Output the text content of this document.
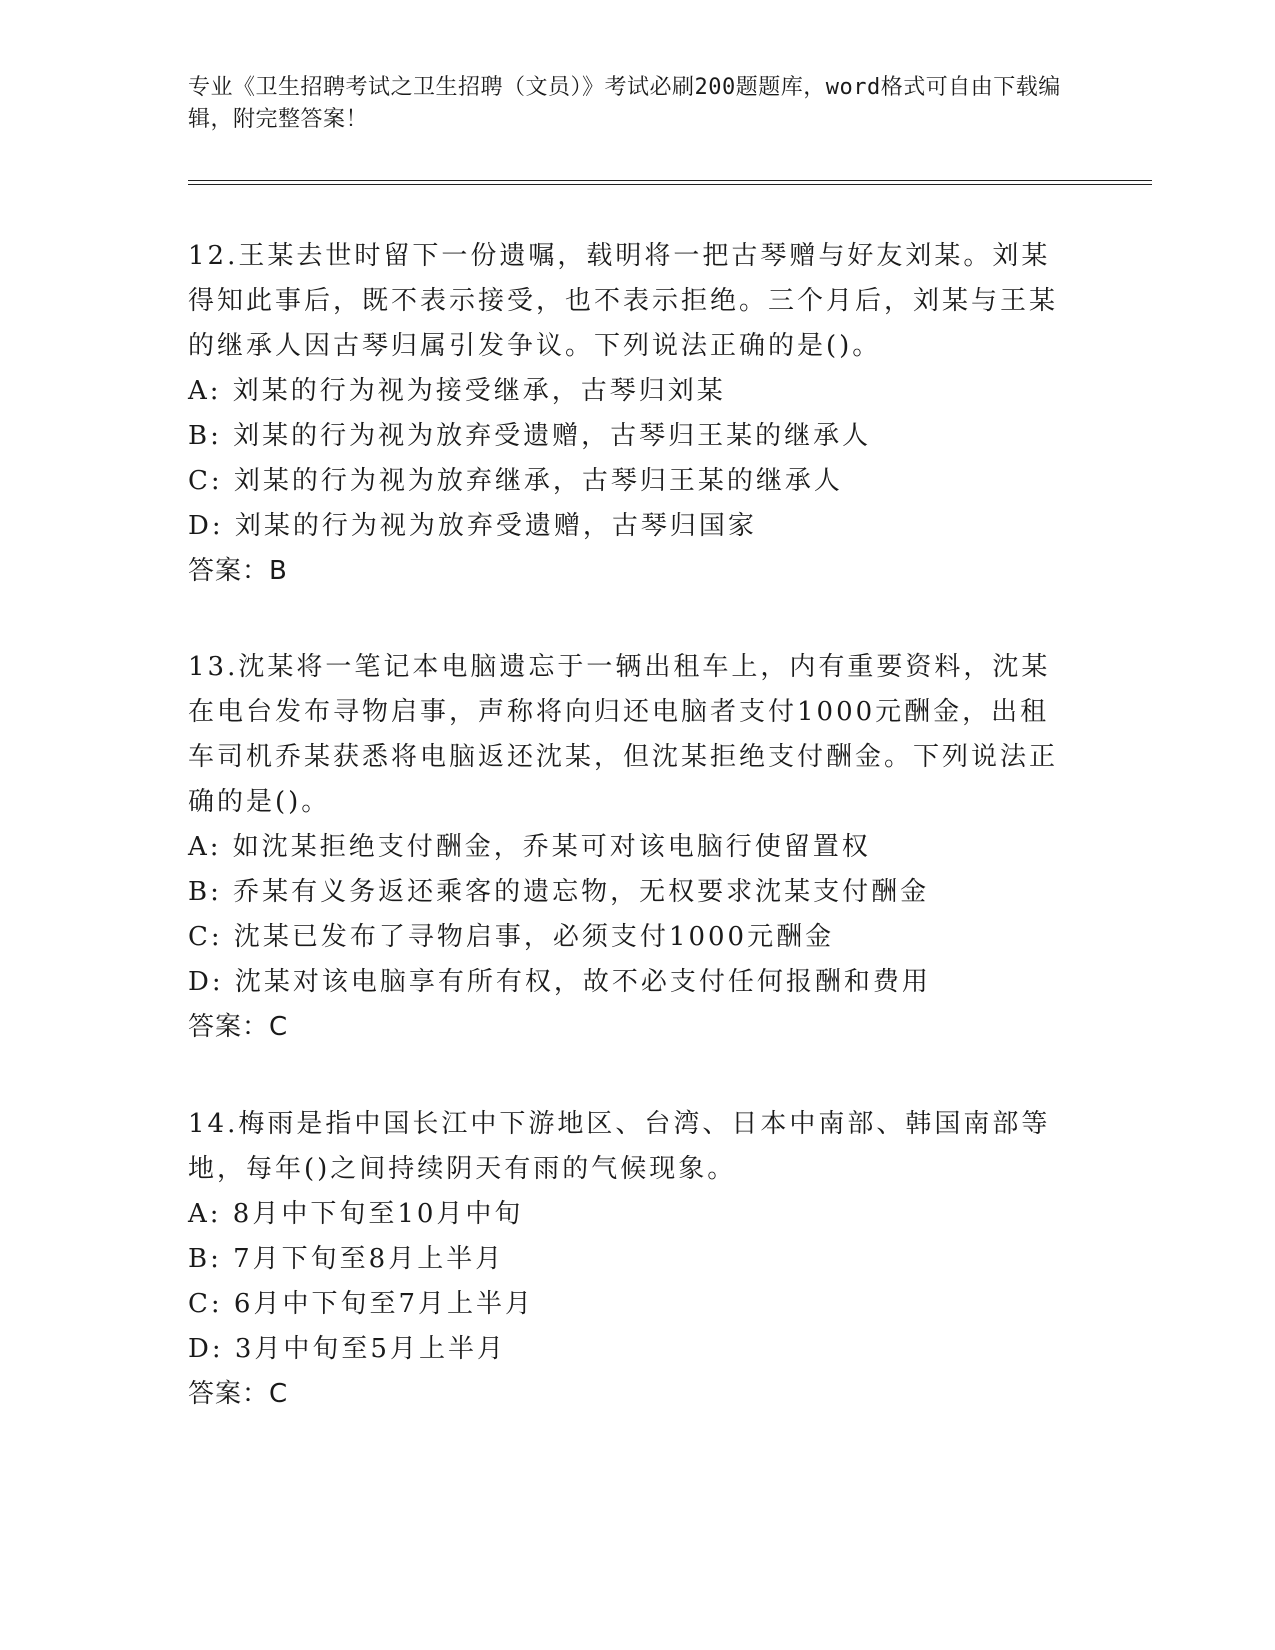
专业《卫生招聘考试之卫生招聘（文员）》考试必刷200题题库，word格式可自由下载编辑，附完整答案！

12.王某去世时留下一份遗嘱，载明将一把古琴赠与好友刘某。刘某得知此事后，既不表示接受，也不表示拒绝。三个月后，刘某与王某的继承人因古琴归属引发争议。下列说法正确的是()。

A: 刘某的行为视为接受继承，古琴归刘某

B: 刘某的行为视为放弃受遗赠，古琴归王某的继承人

C: 刘某的行为视为放弃继承，古琴归王某的继承人

D: 刘某的行为视为放弃受遗赠，古琴归国家

答案：B

13.沈某将一笔记本电脑遗忘于一辆出租车上，内有重要资料，沈某在电台发布寻物启事，声称将向归还电脑者支付1000元酬金，出租车司机乔某获悉将电脑返还沈某，但沈某拒绝支付酬金。下列说法正确的是()。

A: 如沈某拒绝支付酬金，乔某可对该电脑行使留置权

B: 乔某有义务返还乘客的遗忘物，无权要求沈某支付酬金

C: 沈某已发布了寻物启事，必须支付1000元酬金

D: 沈某对该电脑享有所有权，故不必支付任何报酬和费用

答案：C

14.梅雨是指中国长江中下游地区、台湾、日本中南部、韩国南部等地，每年()之间持续阴天有雨的气候现象。

A: 8月中下旬至10月中旬

B: 7月下旬至8月上半月

C: 6月中下旬至7月上半月

D: 3月中旬至5月上半月

答案：C
